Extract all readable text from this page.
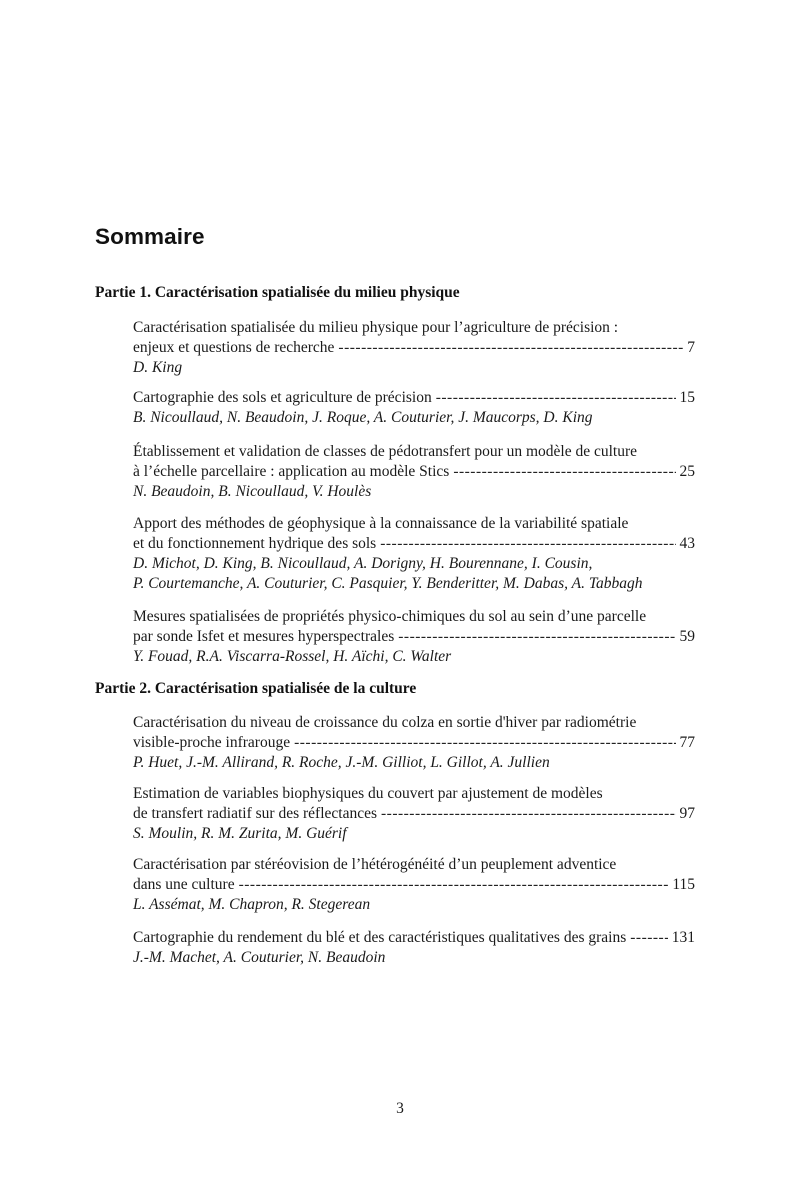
Sommaire
Partie 1. Caractérisation spatialisée du milieu physique
Caractérisation spatialisée du milieu physique pour l’agriculture de précision :
enjeux et questions de recherche -----	7
D. King
Cartographie des sols et agriculture de précision -----	15
B. Nicoullaud, N. Beaudoin, J. Roque, A. Couturier, J. Maucorps, D. King
Établissement et validation de classes de pédotransfert pour un modèle de culture
à l’échelle parcellaire : application au modèle Stics -----	25
N. Beaudoin, B. Nicoullaud, V. Houlès
Apport des méthodes de géophysique à la connaissance de la variabilité spatiale
et du fonctionnement hydrique des sols -----	43
D. Michot, D. King, B. Nicoullaud, A. Dorigny, H. Bourennane, I. Cousin,
P. Courtemanche, A. Couturier, C. Pasquier, Y. Benderitter, M. Dabas, A. Tabbagh
Mesures spatialisées de propriétés physico-chimiques du sol au sein d’une parcelle
par sonde Isfet et mesures hyperspectrales -----	59
Y. Fouad, R.A. Viscarra-Rossel, H. Aïchi, C. Walter
Partie 2. Caractérisation spatialisée de la culture
Caractérisation du niveau de croissance du colza en sortie d'hiver par radiométrie
visible-proche infrarouge -----	77
P. Huet, J.-M. Allirand, R. Roche, J.-M. Gilliot, L. Gillot, A. Jullien
Estimation de variables biophysiques du couvert par ajustement de modèles
de transfert radiatif sur des réflectances -----	97
S. Moulin, R. M. Zurita, M. Guérif
Caractérisation par stéréovision de l’hétérogénéité d’un peuplement adventice
dans une culture -----	115
L. Assémat, M. Chapron, R. Stegerean
Cartographie du rendement du blé et des caractéristiques qualitatives des grains -----	131
J.-M. Machet, A. Couturier, N. Beaudoin
3
